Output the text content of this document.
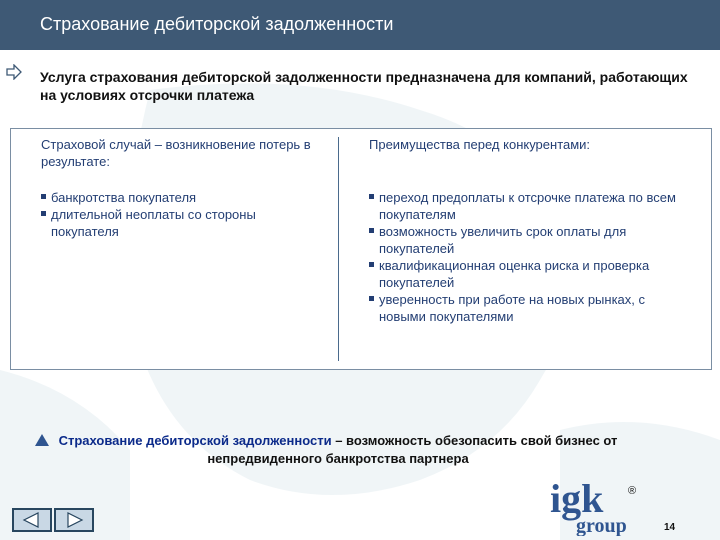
Страхование дебиторской задолженности
Услуга страхования дебиторской задолженности предназначена для компаний, работающих на условиях отсрочки платежа
Страховой случай – возникновение потерь в результате:
банкротства покупателя
длительной неоплаты со стороны покупателя
Преимущества перед конкурентами:
переход предоплаты к отсрочке платежа по всем покупателям
возможность увеличить срок оплаты для покупателей
квалификационная оценка риска и проверка покупателей
уверенность при работе на новых рынках, с новыми покупателями
Страхование дебиторской задолженности – возможность обезопасить свой бизнес от непредвиденного банкротства партнера
igk ®
group	14
